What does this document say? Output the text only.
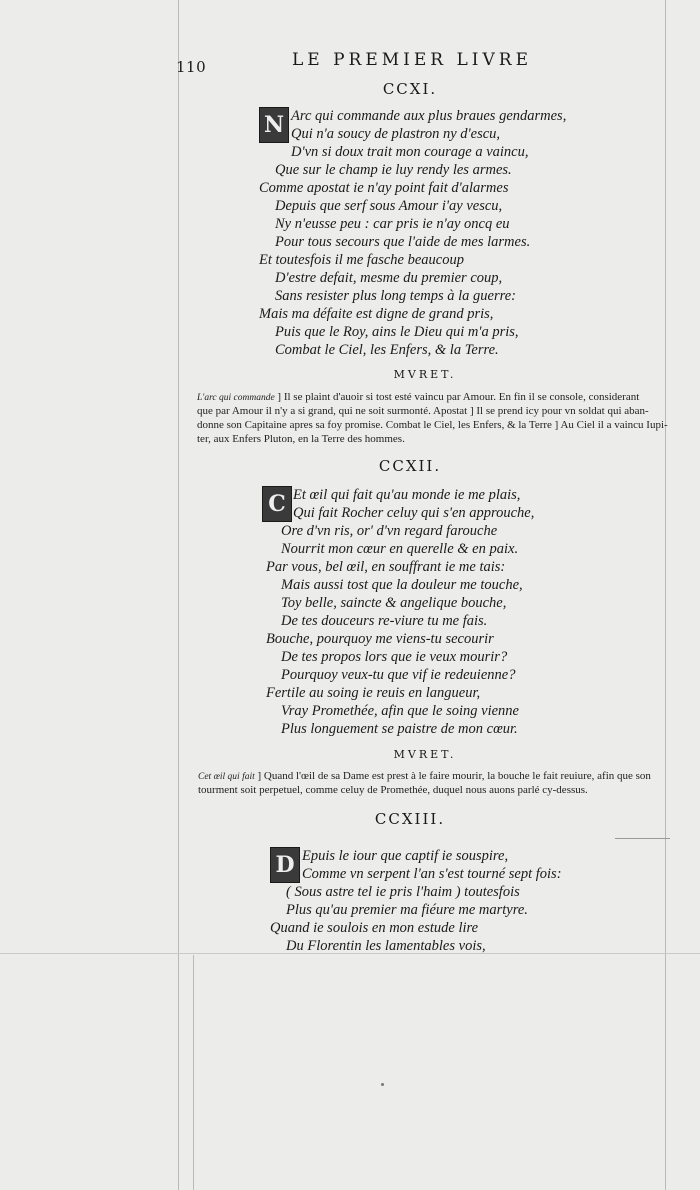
110	LE PREMIER LIVRE
CCXI.
N Arc qui commande aux plus braues gendarmes,
Qui n'a soucy de plastron ny d'escu,
D'vn si doux trait mon courage a vaincu,
Que sur le champ ie luy rendy les armes.
Comme apostat ie n'ay point fait d'alarmes
Depuis que serf sous Amour i'ay vescu,
Ny n'eusse peu : car pris ie n'ay oncq eu
Pour tous secours que l'aide de mes larmes.
Et toutesfois il me fasche beaucoup
D'estre defait, mesme du premier coup,
Sans resister plus long temps à la guerre:
Mais ma défaite est digne de grand pris,
Puis que le Roy, ains le Dieu qui m'a pris,
Combat le Ciel, les Enfers, & la Terre.
MVRET.
L'arc qui commande ] Il se plaint d'auoir si tost esté vaincu par Amour. En fin il se console, considerant
que par Amour il n'y a si grand, qui ne soit surmonté. Apostat ] Il se prend icy pour vn soldat qui aban-
donne son Capitaine apres sa foy promise. Combat le Ciel, les Enfers, & la Terre ] Au Ciel il a vaincu Iupi-
ter, aux Enfers Pluton, en la Terre des hommes.
CCXII.
C Et œil qui fait qu'au monde ie me plais,
Qui fait Rocher celuy qui s'en approuche,
Ore d'vn ris, or' d'vn regard farouche
Nourrit mon cœur en querelle & en paix.
Par vous, bel œil, en souffrant ie me tais:
Mais aussi tost que la douleur me touche,
Toy belle, saincte & angelique bouche,
De tes douceurs re-viure tu me fais.
Bouche, pourquoy me viens-tu secourir
De tes propos lors que ie veux mourir?
Pourquoy veux-tu que vif ie redeuienne?
Fertile au soing ie reuis en langueur,
Vray Promethée, afin que le soing vienne
Plus longuement se paistre de mon cœur.
MVRET.
Cet œil qui fait ] Quand l'œil de sa Dame est prest à le faire mourir, la bouche le fait reuiure, afin que son
tourment soit perpetuel, comme celuy de Promethée, duquel nous auons parlé cy-dessus.
CCXIII.
D Epuis le iour que captif ie souspire,
Comme vn serpent l'an s'est tourné sept fois:
( Sous astre tel ie pris l'haim ) toutesfois
Plus qu'au premier ma fiéure me martyre.
Quand ie soulois en mon estude lire
Du Florentin les lamentables vois,
